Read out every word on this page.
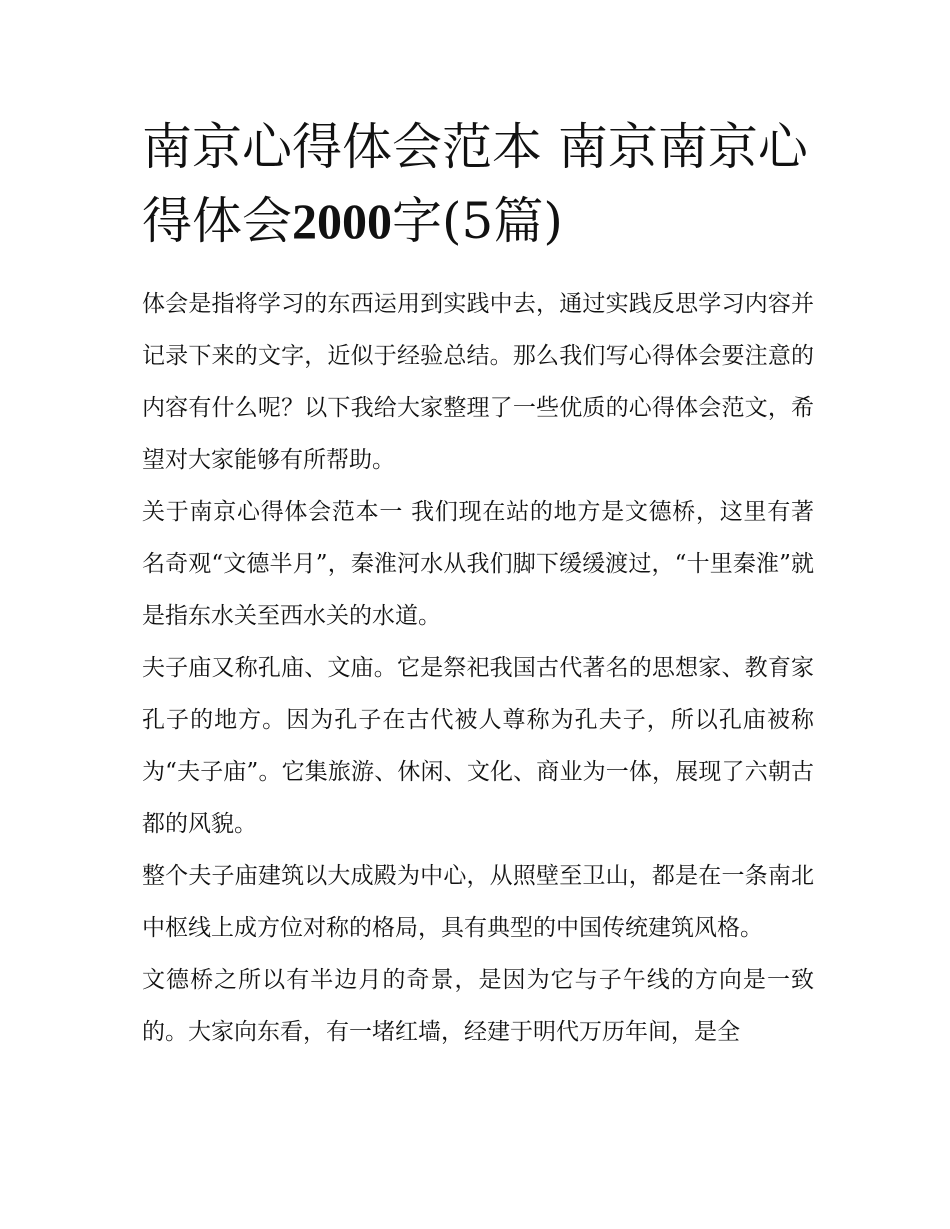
南京心得体会范本 南京南京心得体会2000字(5篇)

体会是指将学习的东西运用到实践中去，通过实践反思学习内容并记录下来的文字，近似于经验总结。那么我们写心得体会要注意的内容有什么呢？以下我给大家整理了一些优质的心得体会范文，希望对大家能够有所帮助。

关于南京心得体会范本一 我们现在站的地方是文德桥，这里有著名奇观“文德半月”，秦淮河水从我们脚下缓缓渡过，“十里秦淮”就是指东水关至西水关的水道。

夫子庙又称孔庙、文庙。它是祭祀我国古代著名的思想家、教育家孔子的地方。因为孔子在古代被人尊称为孔夫子，所以孔庙被称为“夫子庙”。它集旅游、休闲、文化、商业为一体，展现了六朝古都的风貌。

整个夫子庙建筑以大成殿为中心，从照壁至卫山，都是在一条南北中枢线上成方位对称的格局，具有典型的中国传统建筑风格。

文德桥之所以有半边月的奇景，是因为它与子午线的方向是一致的。大家向东看，有一堵红墙，经建于明代万历年间，是全
